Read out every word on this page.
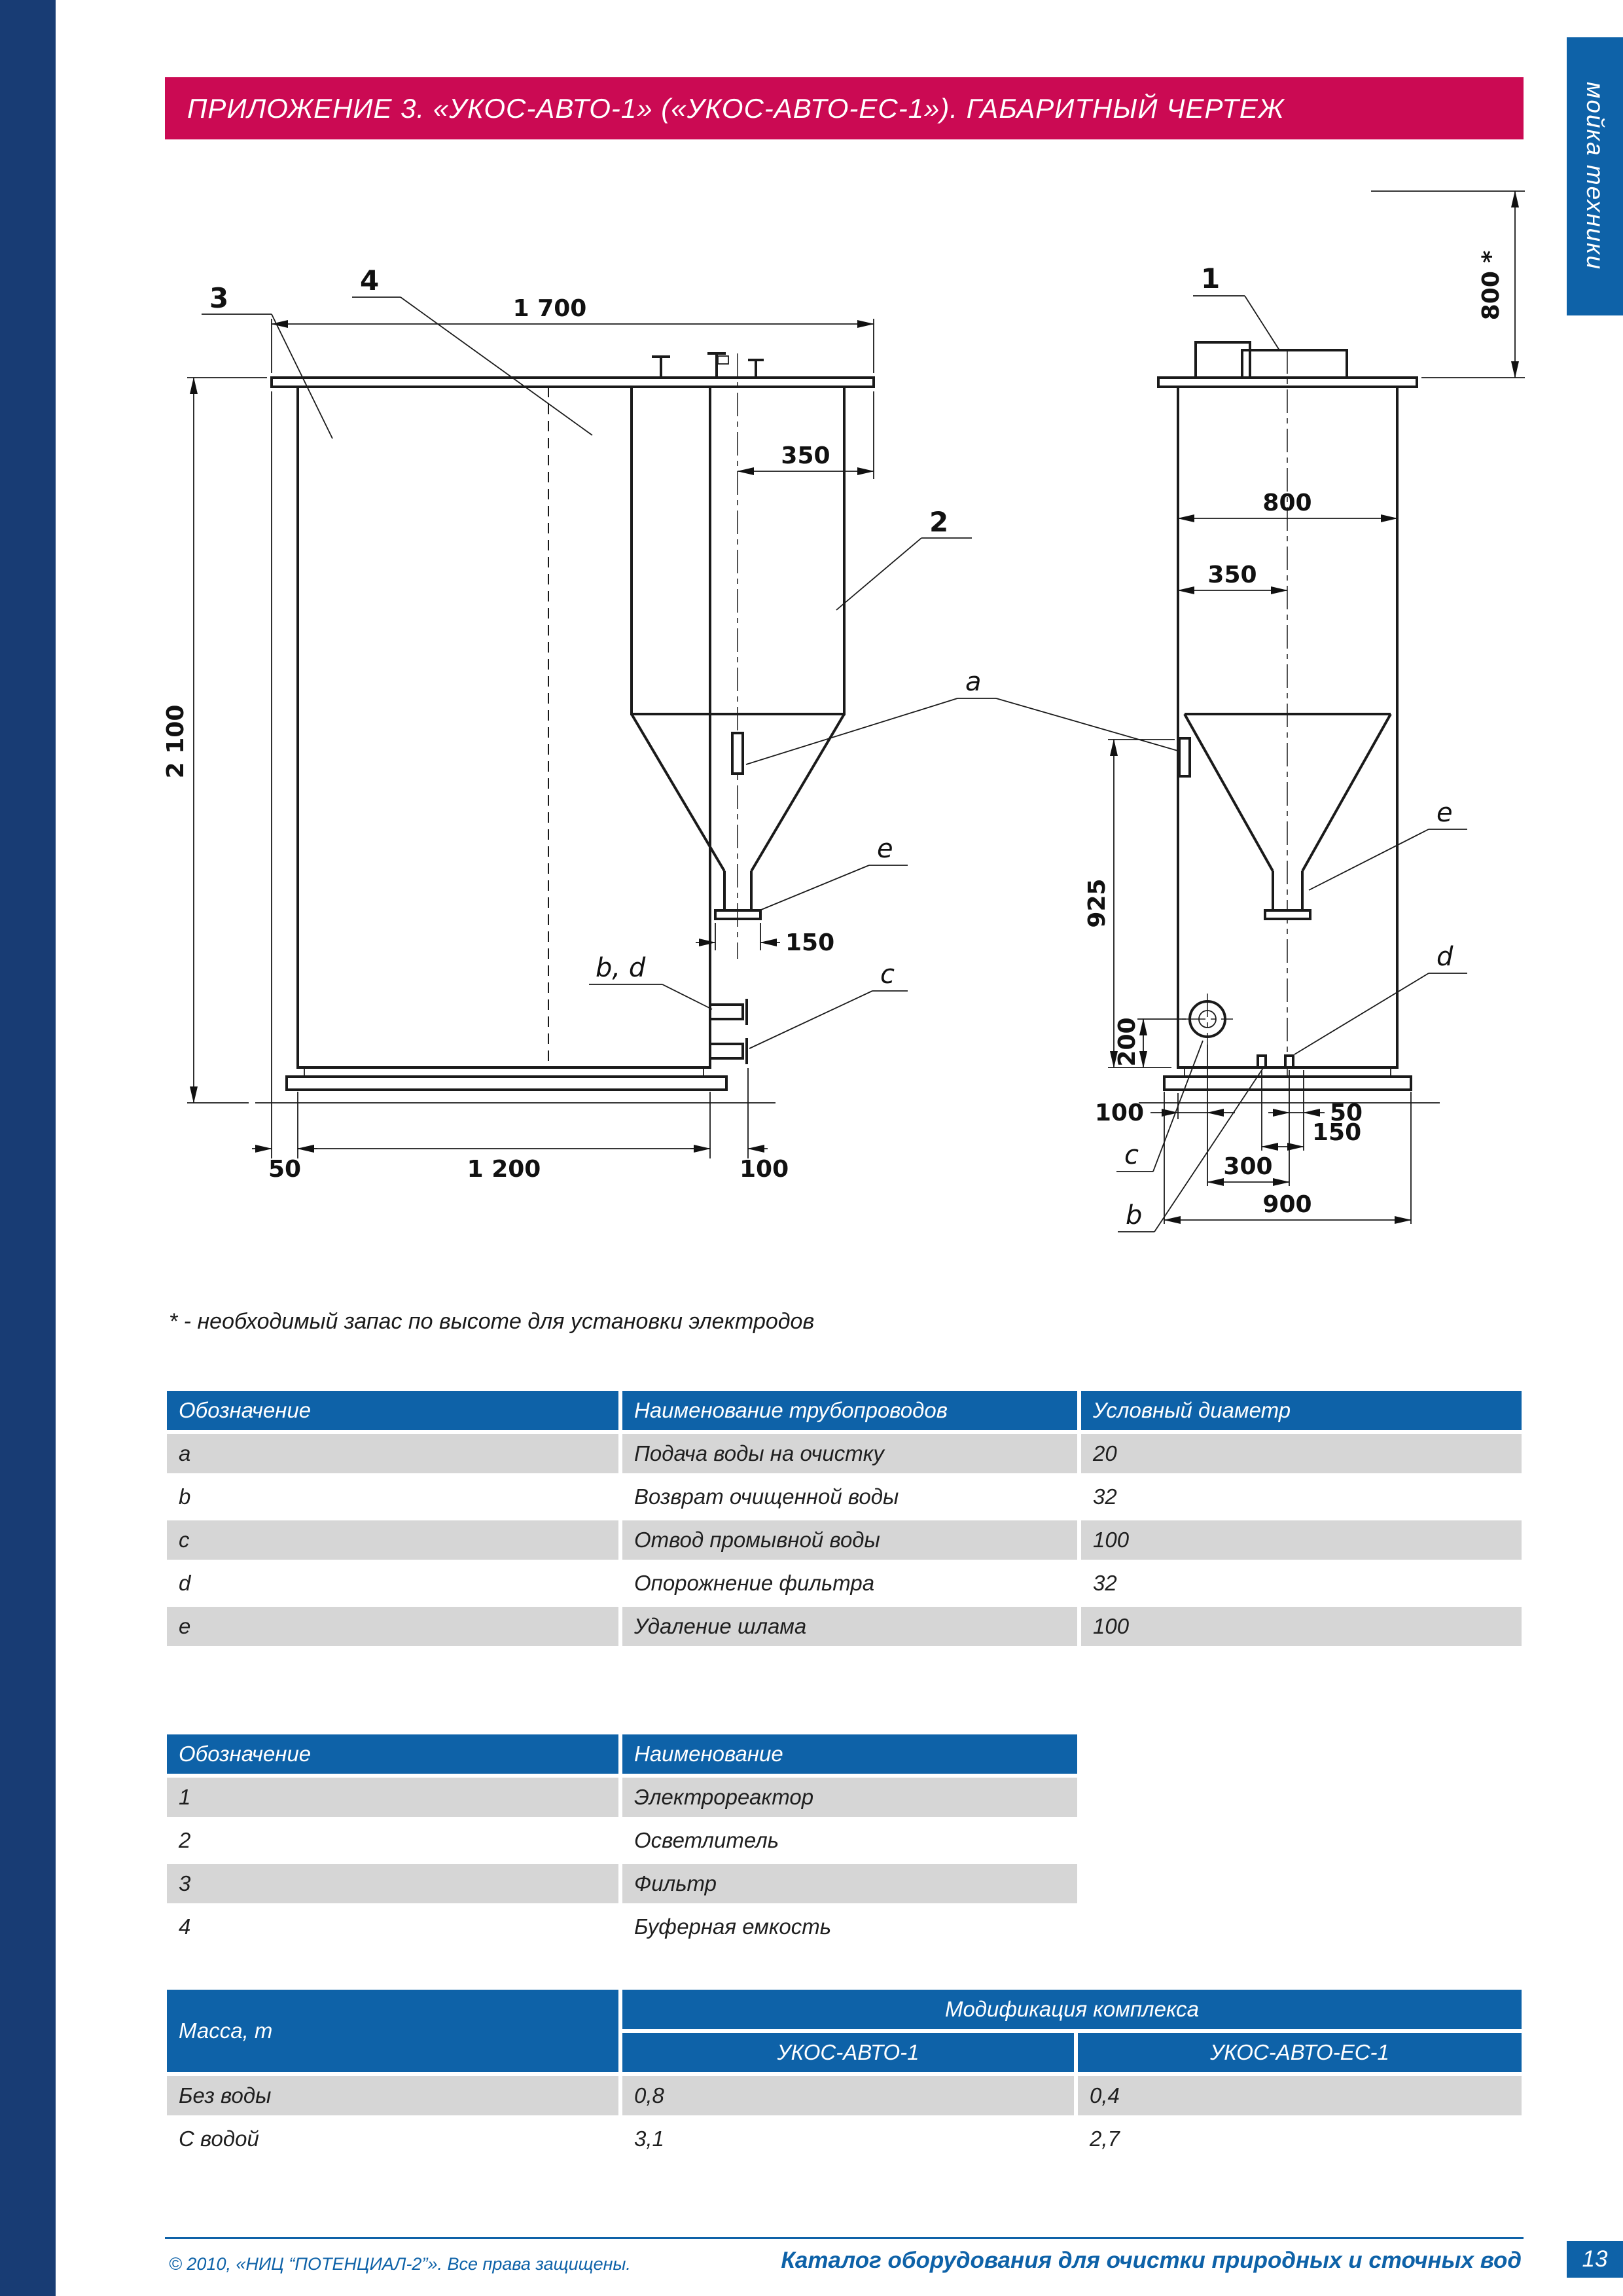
ПРИЛОЖЕНИЕ 3. «УКОС-АВТО-1» («УКОС-АВТО-ЕС-1»). ГАБАРИТНЫЙ ЧЕРТЕЖ	мойка техники
1 700
350
2 100
150
50	1 200	100
3
4
2
a
e
b, d	c
800 *
800
350
925
200
100	50
150
300
900
1
e
d
c
b
* - необходимый запас по высоте для установки электродов
Обозначение	Наименование трубопроводов	Условный диаметр
a	Подача воды на очистку	20
b	Возврат очищенной воды	32
c	Отвод промывной воды	100
d	Опорожнение фильтра	32
e	Удаление шлама	100
Обозначение	Наименование
1	Электрореактор
2	Осветлитель
3	Фильтр
4	Буферная емкость
Масса, т	Модификация комплекса	
	УКОС-АВТО-1	УКОС-АВТО-ЕС-1
Без воды	0,8	0,4
С водой	3,1	2,7
© 2010, «НИЦ “ПОТЕНЦИАЛ-2”». Все права защищены.	Каталог оборудования для очистки природных и сточных вод	13
